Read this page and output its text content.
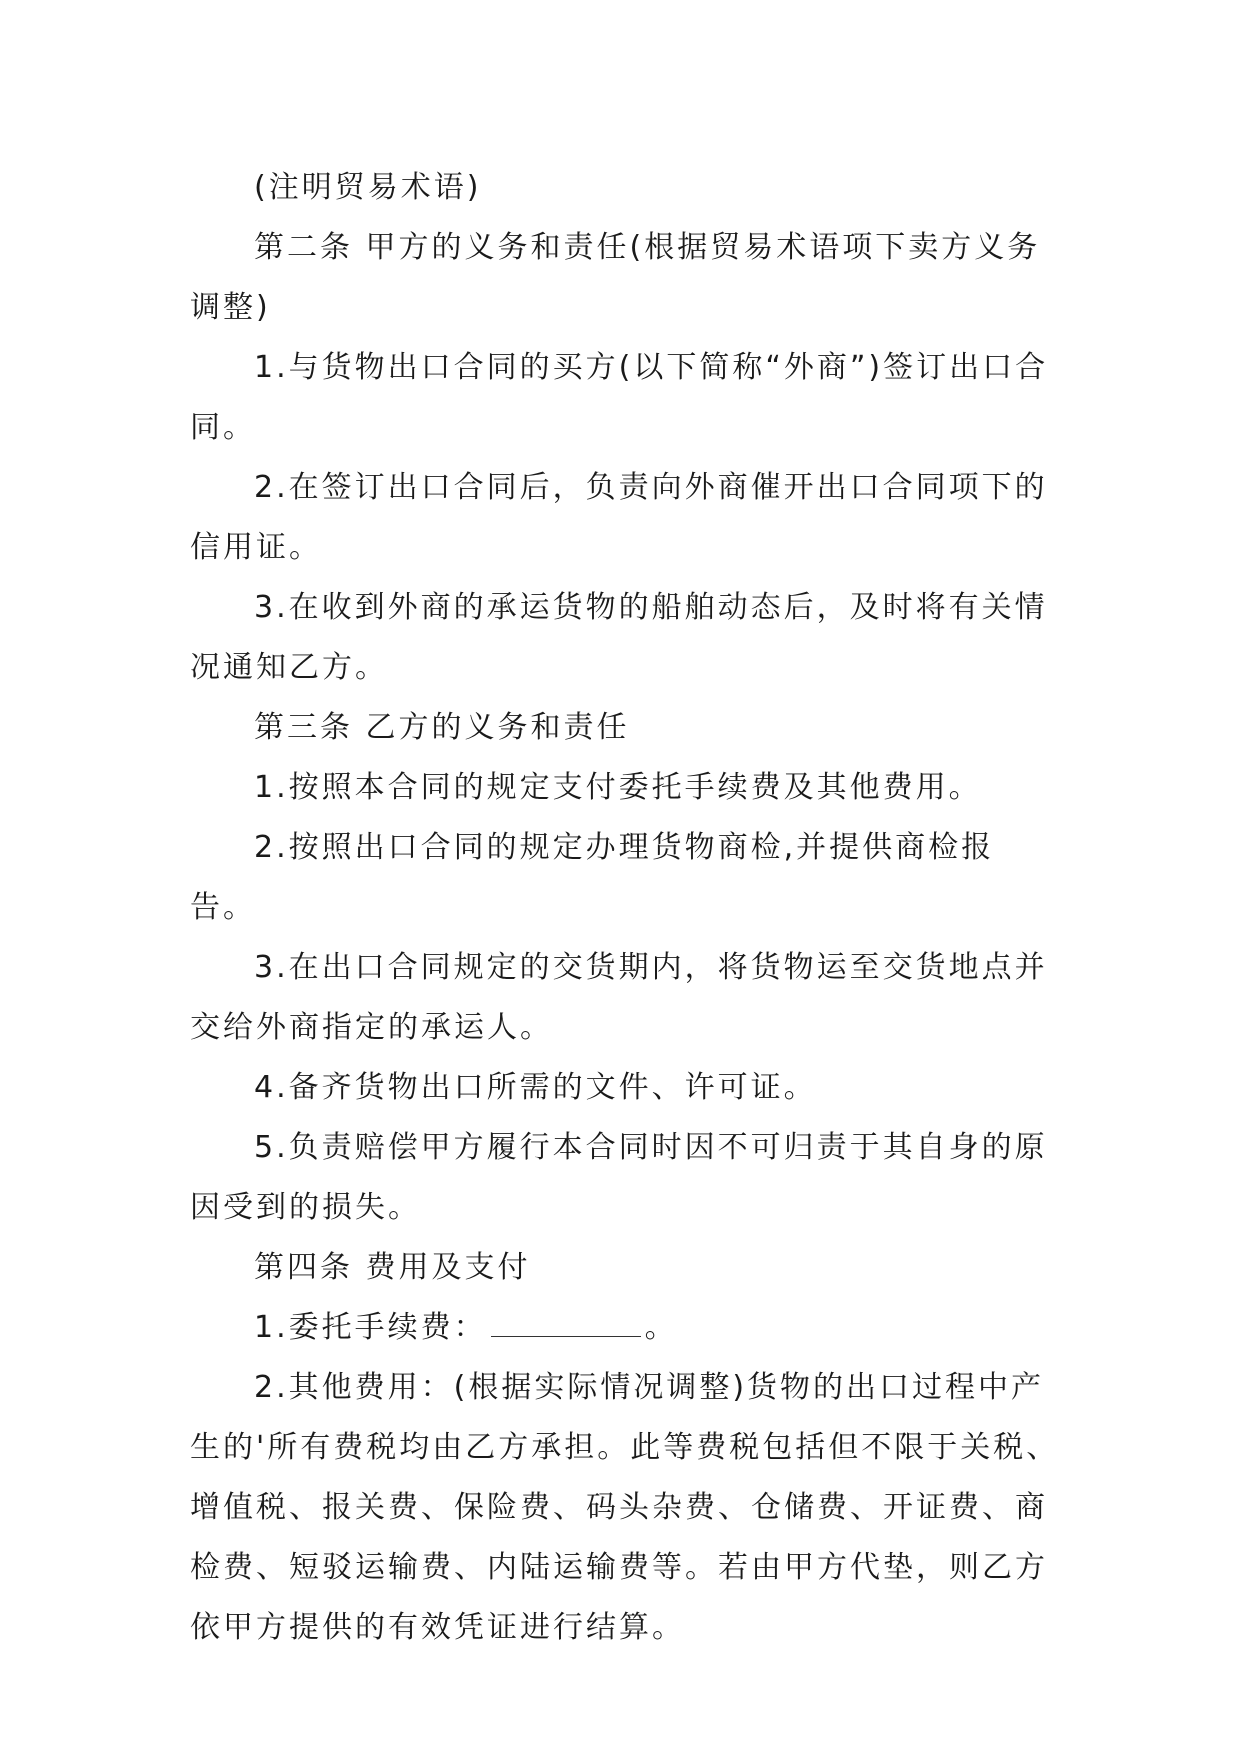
(注明贸易术语)

第二条 甲方的义务和责任(根据贸易术语项下卖方义务调整)

1.与货物出口合同的买方(以下简称“外商”)签订出口合同。

2.在签订出口合同后，负责向外商催开出口合同项下的信用证。

3.在收到外商的承运货物的船舶动态后，及时将有关情况通知乙方。

第三条 乙方的义务和责任

1.按照本合同的规定支付委托手续费及其他费用。

2.按照出口合同的规定办理货物商检,并提供商检报告。

3.在出口合同规定的交货期内，将货物运至交货地点并交给外商指定的承运人。

4.备齐货物出口所需的文件、许可证。

5.负责赔偿甲方履行本合同时因不可归责于其自身的原因受到的损失。

第四条 费用及支付

1.委托手续费：	。

2.其他费用：(根据实际情况调整)货物的出口过程中产生的'所有费税均由乙方承担。此等费税包括但不限于关税、增值税、报关费、保险费、码头杂费、仓储费、开证费、商检费、短驳运输费、内陆运输费等。若由甲方代垫，则乙方依甲方提供的有效凭证进行结算。
